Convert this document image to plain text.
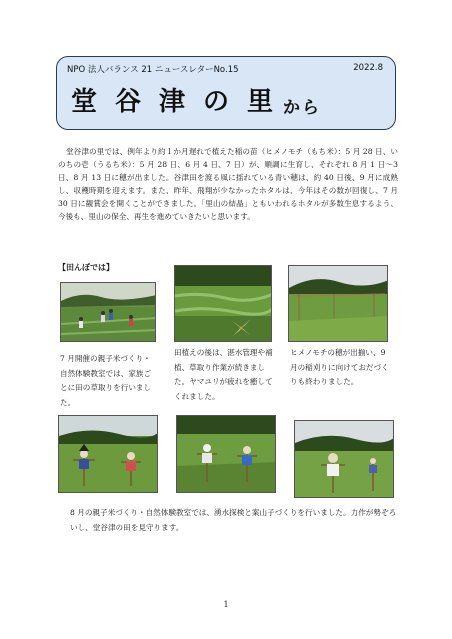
NPO 法人バランス 21 ニュースレターNo.15	2022.8
堂谷津の里
から

堂谷津の里では、例年より約１か月遅れで植えた稲の苗（ヒメノモチ（もち米）：5 月 28 日、いのちの壱（うるち米）：5 月 28 日、6 月 4 日、7 日）が、順調に生育し、それぞれ 8 月 1 日～3 日、8 月 13 日に穂が出ました。谷津田を渡る風に揺れている青い穂は、約 40 日後、9 月に成熟し、収穫時期を迎えます。また、昨年、飛翔が少なかったホタルは、今年はその数が回復し、7 月 30 日に観賞会を開くことができました。「里山の結晶」ともいわれるホタルが多数生息するよう、今後も、里山の保全、再生を進めていきたいと思います。

【田んぼでは】
7 月開催の親子米づくり・自然体験教室では、家族ごとに田の草取りを行いました。
田植えの後は、湛水管理や補植、草取り作業が続きました。ヤマユリが疲れを癒してくれました。
ヒメノモチの穂が出揃い、9 月の稲刈りに向けておだづくりも終わりました。
8 月の親子米づくり・自然体験教室では、湧水探検と案山子づくりを行いました。力作が勢ぞろいし、堂谷津の田を見守ります。
1
